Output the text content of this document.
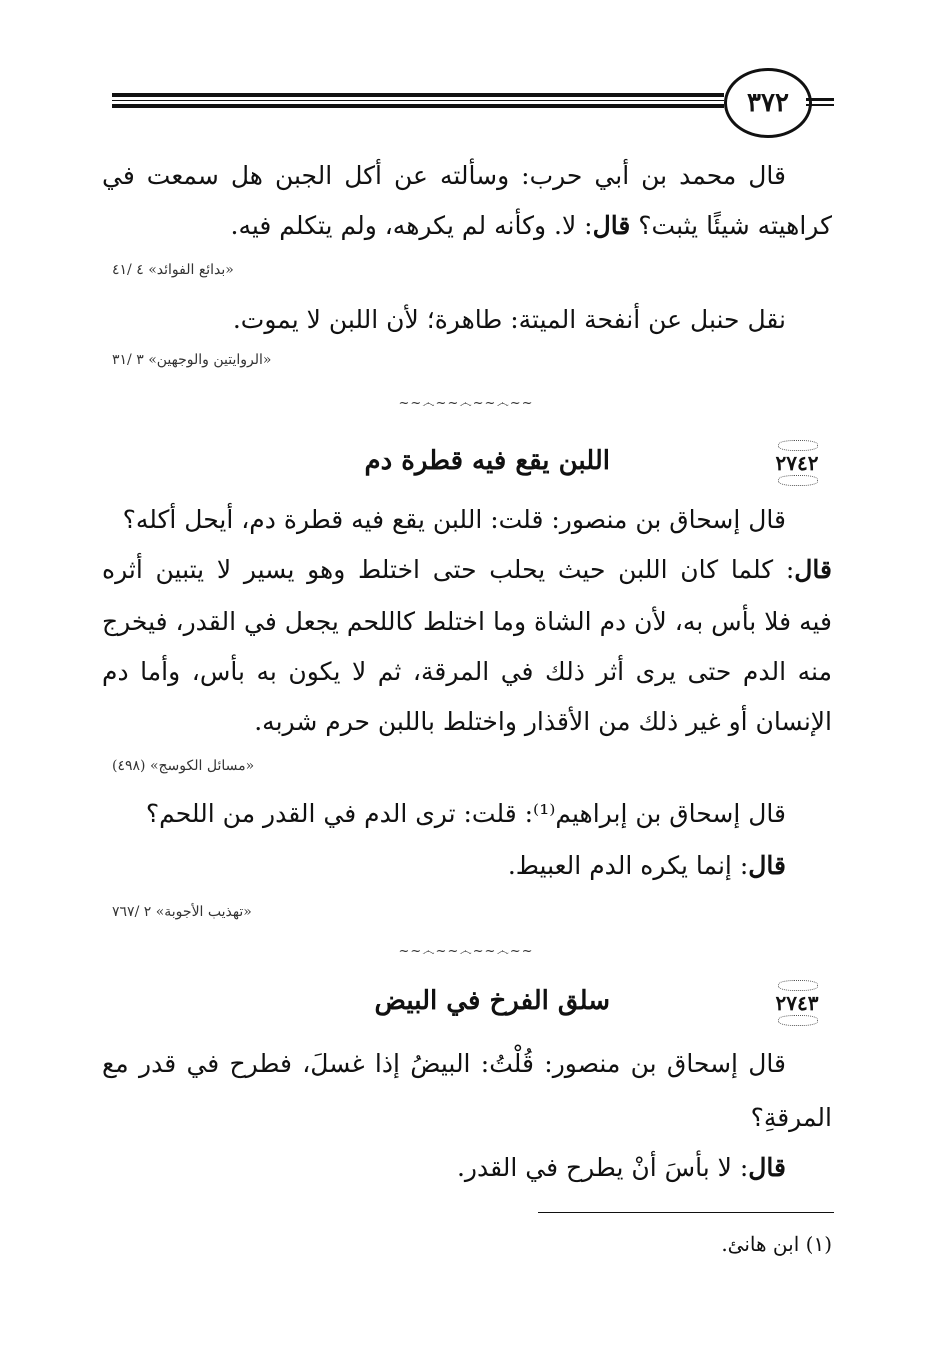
٣٧٢
قال محمد بن أبي حرب: وسألته عن أكل الجبن هل سمعت في
كراهيته شيئًا يثبت؟ قال: لا. وكأنه لم يكرهه، ولم يتكلم فيه.
«بدائع الفوائد» ٤ /٤١
نقل حنبل عن أنفحة الميتة: طاهرة؛ لأن اللبن لا يموت.
«الروايتين والوجهين» ٣ /٣١
~~෴~~෴~~෴~~
٢٧٤٢
اللبن يقع فيه قطرة دم
قال إسحاق بن منصور: قلت: اللبن يقع فيه قطرة دم، أيحل أكله؟
قال: كلما كان اللبن حيث يحلب حتى اختلط وهو يسير لا يتبين أثره
فيه فلا بأس به، لأن دم الشاة وما اختلط كاللحم يجعل في القدر، فيخرج
منه الدم حتى يرى أثر ذلك في المرقة، ثم لا يكون به بأس، وأما دم
الإنسان أو غير ذلك من الأقذار واختلط باللبن حرم شربه.
«مسائل الكوسج» (٤٩٨)
قال إسحاق بن إبراهيم⁽¹⁾: قلت: ترى الدم في القدر من اللحم؟
قال: إنما يكره الدم العبيط.
«تهذيب الأجوبة» ٢ /٧٦٧
~~෴~~෴~~෴~~
٢٧٤٣
سلق الفرخ في البيض
قال إسحاق بن منصور: قُلْتُ: البيضُ إذا غسلَ، فطرح في قدر مع
المرقةِ؟
قال: لا بأسَ أنْ يطرح في القدر.
(١) ابن هانئ.
